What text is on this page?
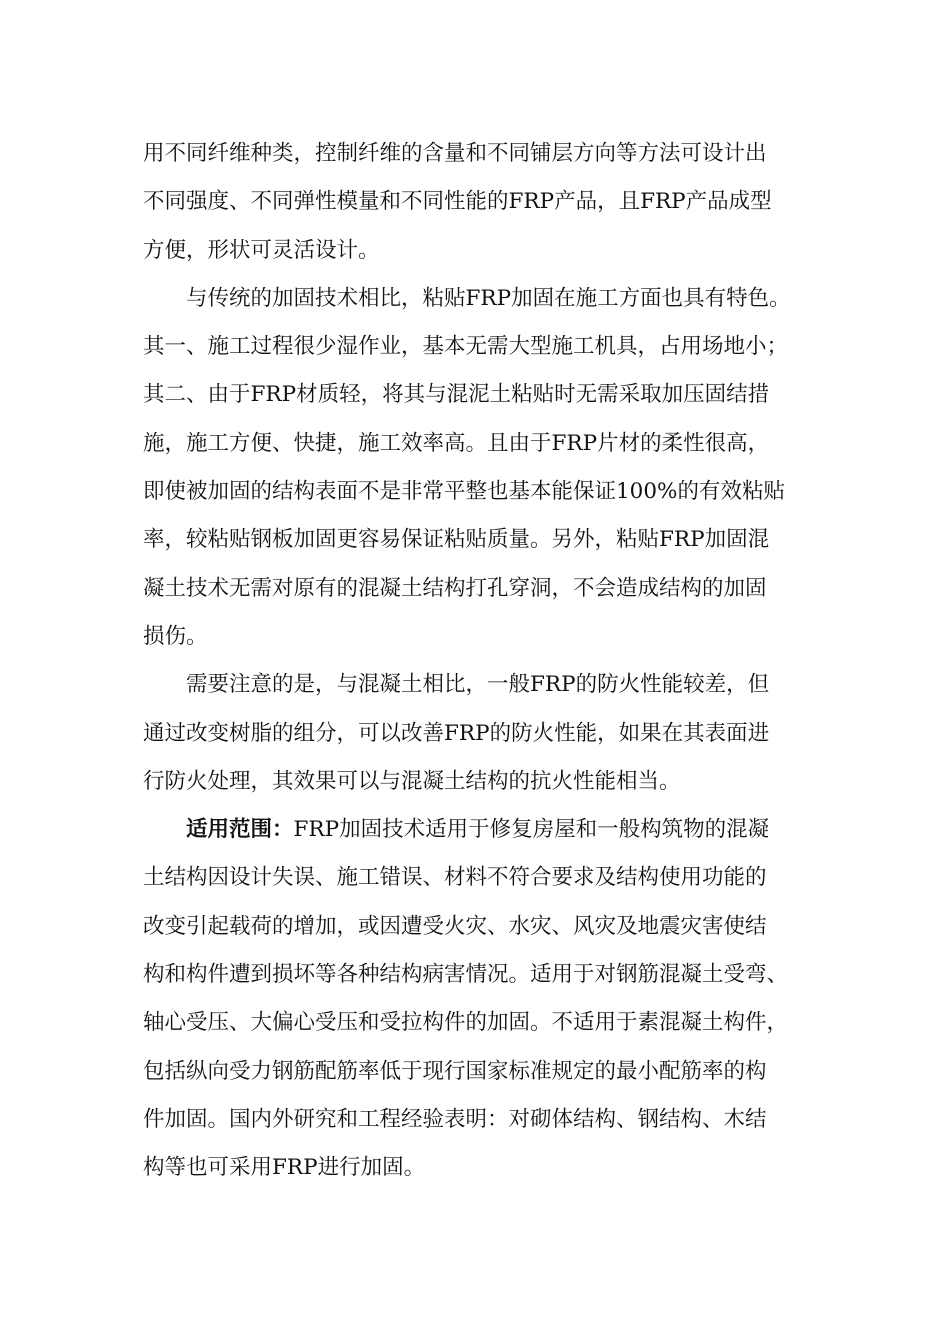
用不同纤维种类，控制纤维的含量和不同铺层方向等方法可设计出
不同强度、不同弹性模量和不同性能的FRP产品，且FRP产品成型
方便，形状可灵活设计。
与传统的加固技术相比，粘贴FRP加固在施工方面也具有特色。
其一、施工过程很少湿作业，基本无需大型施工机具，占用场地小；
其二、由于FRP材质轻，将其与混泥土粘贴时无需采取加压固结措
施，施工方便、快捷，施工效率高。且由于FRP片材的柔性很高，
即使被加固的结构表面不是非常平整也基本能保证100%的有效粘贴
率，较粘贴钢板加固更容易保证粘贴质量。另外，粘贴FRP加固混
凝土技术无需对原有的混凝土结构打孔穿洞，不会造成结构的加固
损伤。
需要注意的是，与混凝土相比，一般FRP的防火性能较差，但
通过改变树脂的组分，可以改善FRP的防火性能，如果在其表面进
行防火处理，其效果可以与混凝土结构的抗火性能相当。
适用范围：FRP加固技术适用于修复房屋和一般构筑物的混凝
土结构因设计失误、施工错误、材料不符合要求及结构使用功能的
改变引起载荷的增加，或因遭受火灾、水灾、风灾及地震灾害使结
构和构件遭到损坏等各种结构病害情况。适用于对钢筋混凝土受弯、
轴心受压、大偏心受压和受拉构件的加固。不适用于素混凝土构件，
包括纵向受力钢筋配筋率低于现行国家标准规定的最小配筋率的构
件加固。国内外研究和工程经验表明：对砌体结构、钢结构、木结
构等也可采用FRP进行加固。
